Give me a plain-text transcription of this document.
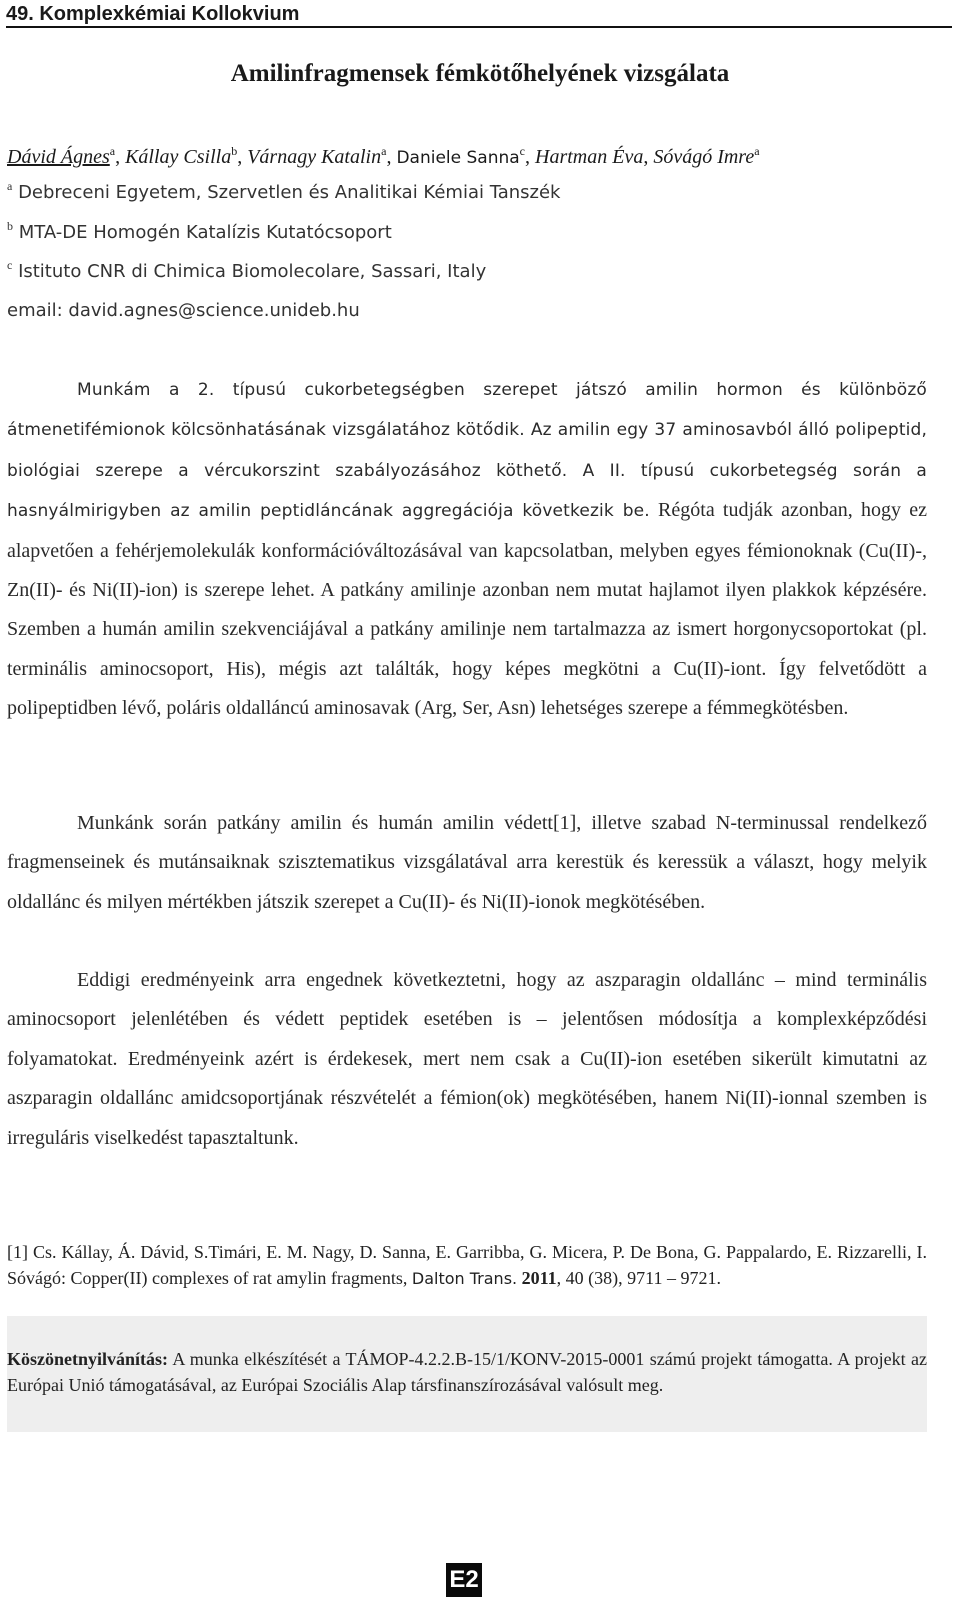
49. Komplexkémiai Kollokvium
Amilinfragmensek fémkötőhelyének vizsgálata
Dávid Ágnes$^a$, Kállay Csilla$^b$, Várnagy Katalin$^a$, Daniele Sanna$^c$, Hartman Éva, Sóvágó Imre$^a$
$^a$ Debreceni Egyetem, Szervetlen és Analitikai Kémiai Tanszék
$^b$ MTA-DE Homogén Katalízis Kutatócsoport
$^c$ Istituto CNR di Chimica Biomolecolare, Sassari, Italy
email: david.agnes@science.unideb.hu

Munkám a 2. típusú cukorbetegségben szerepet játszó amilin hormon és különböző átmenetifémionok kölcsönhatásának vizsgálatához kötődik. Az amilin egy 37 aminosavból álló polipeptid, biológiai szerepe a vércukorszint szabályozásához köthető. A II. típusú cukorbetegség során a hasnyálmirigyben az amilin peptidláncának aggregációja következik be. Régóta tudják azonban, hogy ez alapvetően a fehérjemolekulák konformációváltozásával van kapcsolatban, melyben egyes fémionoknak (Cu(II)-, Zn(II)- és Ni(II)-ion) is szerepe lehet. A patkány amilinje azonban nem mutat hajlamot ilyen plakkok képzésére. Szemben a humán amilin szekvenciájával a patkány amilinje nem tartalmazza az ismert horgonycsoportokat (pl. terminális aminocsoport, His), mégis azt találták, hogy képes megkötni a Cu(II)-iont. Így felvetődött a polipeptidben lévő, poláris oldalláncú aminosavak (Arg, Ser, Asn) lehetséges szerepe a fémmegkötésben.

Munkánk során patkány amilin és humán amilin védett[1], illetve szabad N-terminussal rendelkező fragmenseinek és mutánsaiknak szisztematikus vizsgálatával arra kerestük és keressük a választ, hogy melyik oldallánc és milyen mértékben játszik szerepet a Cu(II)- és Ni(II)-ionok megkötésében.

Eddigi eredményeink arra engednek következtetni, hogy az aszparagin oldallánc – mind terminális aminocsoport jelenlétében és védett peptidek esetében is – jelentősen módosítja a komplexképződési folyamatokat. Eredményeink azért is érdekesek, mert nem csak a Cu(II)-ion esetében sikerült kimutatni az aszparagin oldallánc amidcsoportjának részvételét a fémion(ok) megkötésében, hanem Ni(II)-ionnal szemben is irreguláris viselkedést tapasztaltunk.

[1] Cs. Kállay, Á. Dávid, S.Timári, E. M. Nagy, D. Sanna, E. Garribba, G. Micera, P. De Bona, G. Pappalardo, E. Rizzarelli, I. Sóvágó: Copper(II) complexes of rat amylin fragments, Dalton Trans. 2011, 40 (38), 9711 – 9721.
Köszönetnyilvánítás: A munka elkészítését a TÁMOP-4.2.2.B-15/1/KONV-2015-0001 számú projekt támogatta. A projekt az Európai Unió támogatásával, az Európai Szociális Alap társfinanszírozásával valósult meg.
E2
